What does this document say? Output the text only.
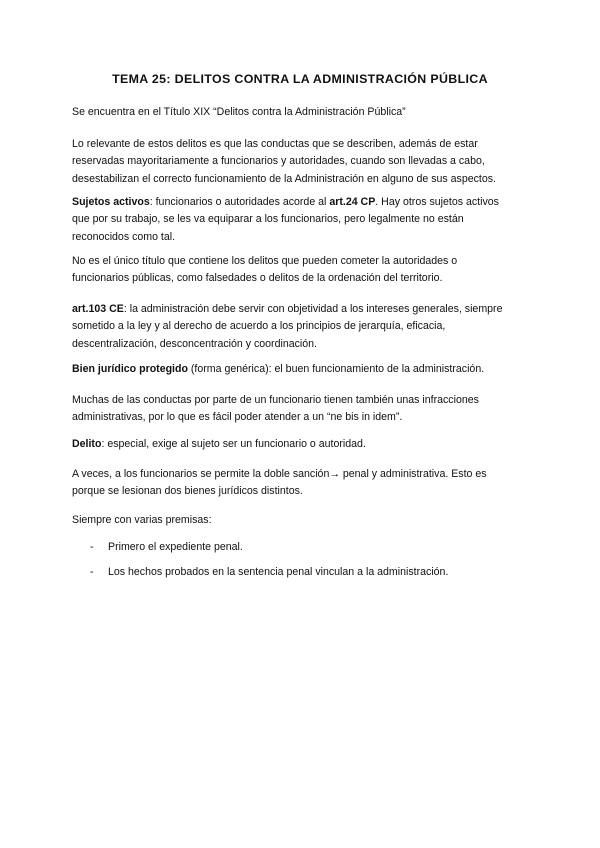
TEMA 25: DELITOS CONTRA LA ADMINISTRACIÓN PÚBLICA

Se encuentra en el Título XIX “Delitos contra la Administración Pública”

Lo relevante de estos delitos es que las conductas que se describen, además de estar
reservadas mayoritariamente a funcionarios y autoridades, cuando son llevadas a cabo,
desestabilizan el correcto funcionamiento de la Administración en alguno de sus aspectos.

Sujetos activos: funcionarios o autoridades acorde al art.24 CP. Hay otros sujetos activos
que por su trabajo, se les va equiparar a los funcionarios, pero legalmente no están
reconocidos como tal.

No es el único título que contiene los delitos que pueden cometer la autoridades o
funcionarios públicas, como falsedades o delitos de la ordenación del territorio.

art.103 CE: la administración debe servir con objetividad a los intereses generales, siempre
sometido a la ley y al derecho de acuerdo a los principios de jerarquía, eficacia,
descentralización, desconcentración y coordinación.

Bien jurídico protegido (forma genérica): el buen funcionamiento de la administración.

Muchas de las conductas por parte de un funcionario tienen también unas infracciones
administrativas, por lo que es fácil poder atender a un “ne bis in idem”.

Delito: especial, exige al sujeto ser un funcionario o autoridad.

A veces, a los funcionarios se permite la doble sanción→ penal y administrativa. Esto es
porque se lesionan dos bienes jurídicos distintos.

Siempre con varias premisas:

- Primero el expediente penal.
- Los hechos probados en la sentencia penal vinculan a la administración.
